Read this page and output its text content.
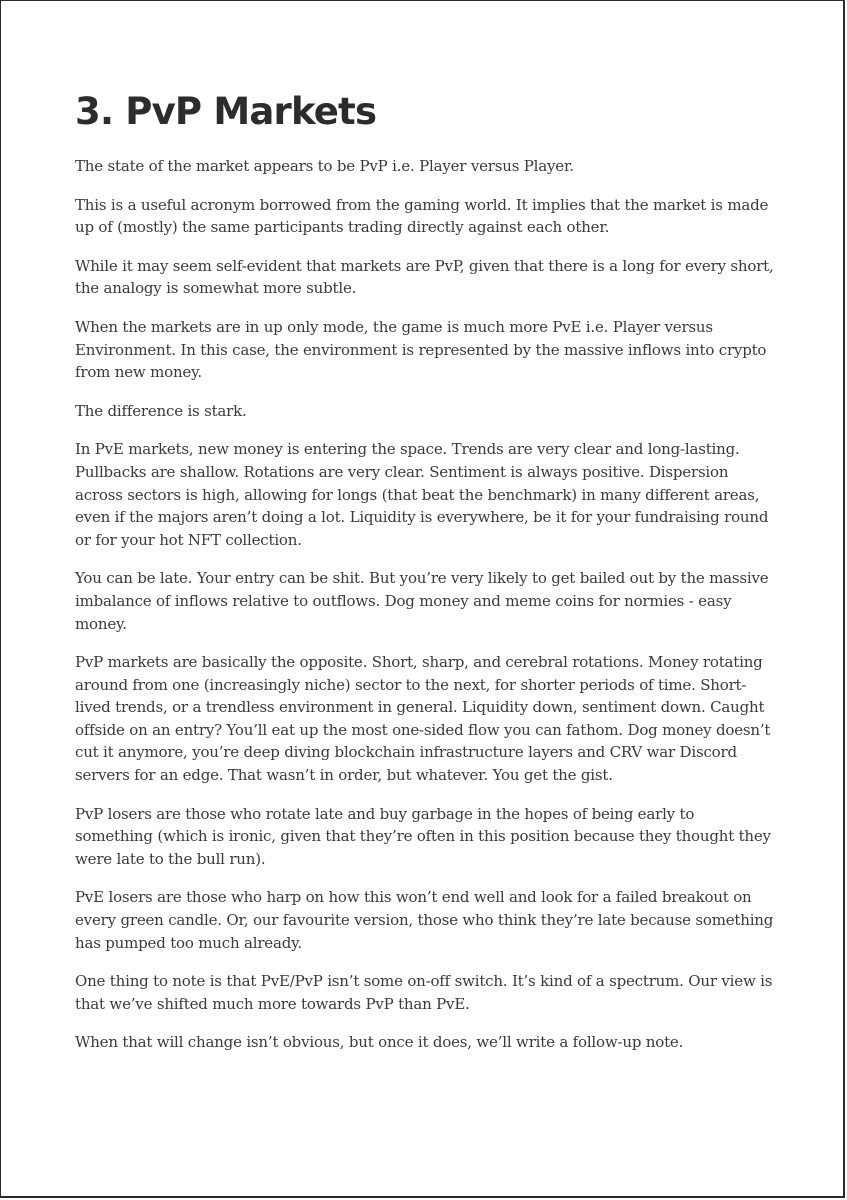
3. PvP Markets

The state of the market appears to be PvP i.e. Player versus Player.

This is a useful acronym borrowed from the gaming world. It implies that the market is made up of (mostly) the same participants trading directly against each other.

While it may seem self-evident that markets are PvP, given that there is a long for every short, the analogy is somewhat more subtle.

When the markets are in up only mode, the game is much more PvE i.e. Player versus Environment. In this case, the environment is represented by the massive inflows into crypto from new money.

The difference is stark.

In PvE markets, new money is entering the space. Trends are very clear and long-lasting. Pullbacks are shallow. Rotations are very clear. Sentiment is always positive. Dispersion across sectors is high, allowing for longs (that beat the benchmark) in many different areas, even if the majors aren’t doing a lot. Liquidity is everywhere, be it for your fundraising round or for your hot NFT collection.

You can be late. Your entry can be shit. But you’re very likely to get bailed out by the massive imbalance of inflows relative to outflows. Dog money and meme coins for normies - easy money.

PvP markets are basically the opposite. Short, sharp, and cerebral rotations. Money rotating around from one (increasingly niche) sector to the next, for shorter periods of time. Short-lived trends, or a trendless environment in general. Liquidity down, sentiment down. Caught offside on an entry? You’ll eat up the most one-sided flow you can fathom. Dog money doesn’t cut it anymore, you’re deep diving blockchain infrastructure layers and CRV war Discord servers for an edge. That wasn’t in order, but whatever. You get the gist.

PvP losers are those who rotate late and buy garbage in the hopes of being early to something (which is ironic, given that they’re often in this position because they thought they were late to the bull run).

PvE losers are those who harp on how this won’t end well and look for a failed breakout on every green candle. Or, our favourite version, those who think they’re late because something has pumped too much already.

One thing to note is that PvE/PvP isn’t some on-off switch. It’s kind of a spectrum. Our view is that we’ve shifted much more towards PvP than PvE.

When that will change isn’t obvious, but once it does, we’ll write a follow-up note.
